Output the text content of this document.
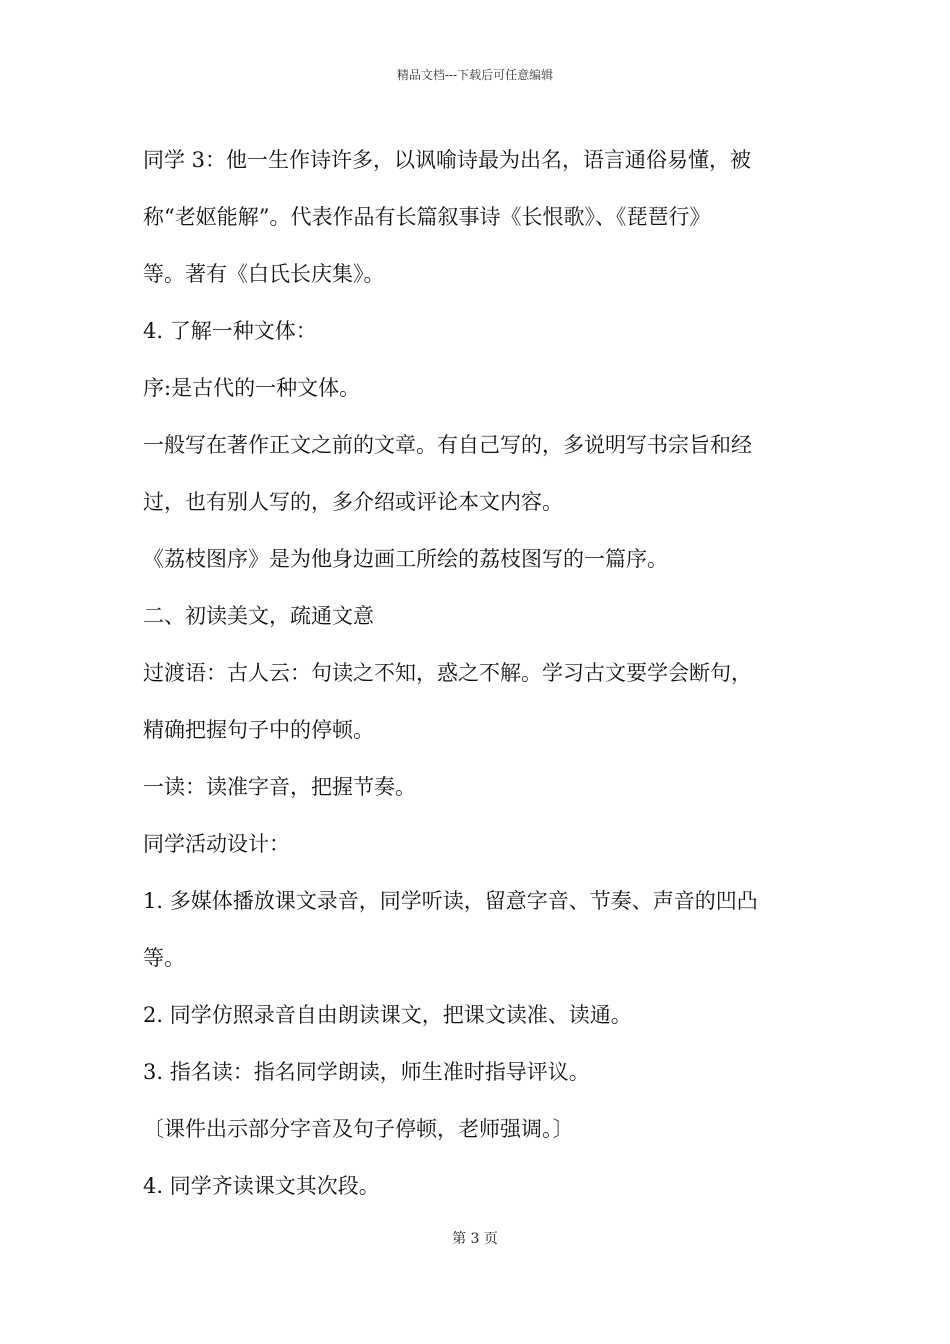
精品文档---下载后可任意编辑
同学 3：他一生作诗许多，以讽喻诗最为出名，语言通俗易懂，被
称“老妪能解”。代表作品有长篇叙事诗《长恨歌》、《琵琶行》
等。著有《白氏长庆集》。
4. 了解一种文体：
序:是古代的一种文体。
一般写在著作正文之前的文章。有自己写的，多说明写书宗旨和经
过，也有别人写的，多介绍或评论本文内容。
《荔枝图序》是为他身边画工所绘的荔枝图写的一篇序。
二、初读美文，疏通文意
过渡语：古人云：句读之不知，惑之不解。学习古文要学会断句，
精确把握句子中的停顿。
一读：读准字音，把握节奏。
同学活动设计：
1. 多媒体播放课文录音，同学听读，留意字音、节奏、声音的凹凸
等。
2. 同学仿照录音自由朗读课文，把课文读准、读通。
3. 指名读：指名同学朗读，师生准时指导评议。
〔课件出示部分字音及句子停顿，老师强调。〕
4. 同学齐读课文其次段。
第 3 页
